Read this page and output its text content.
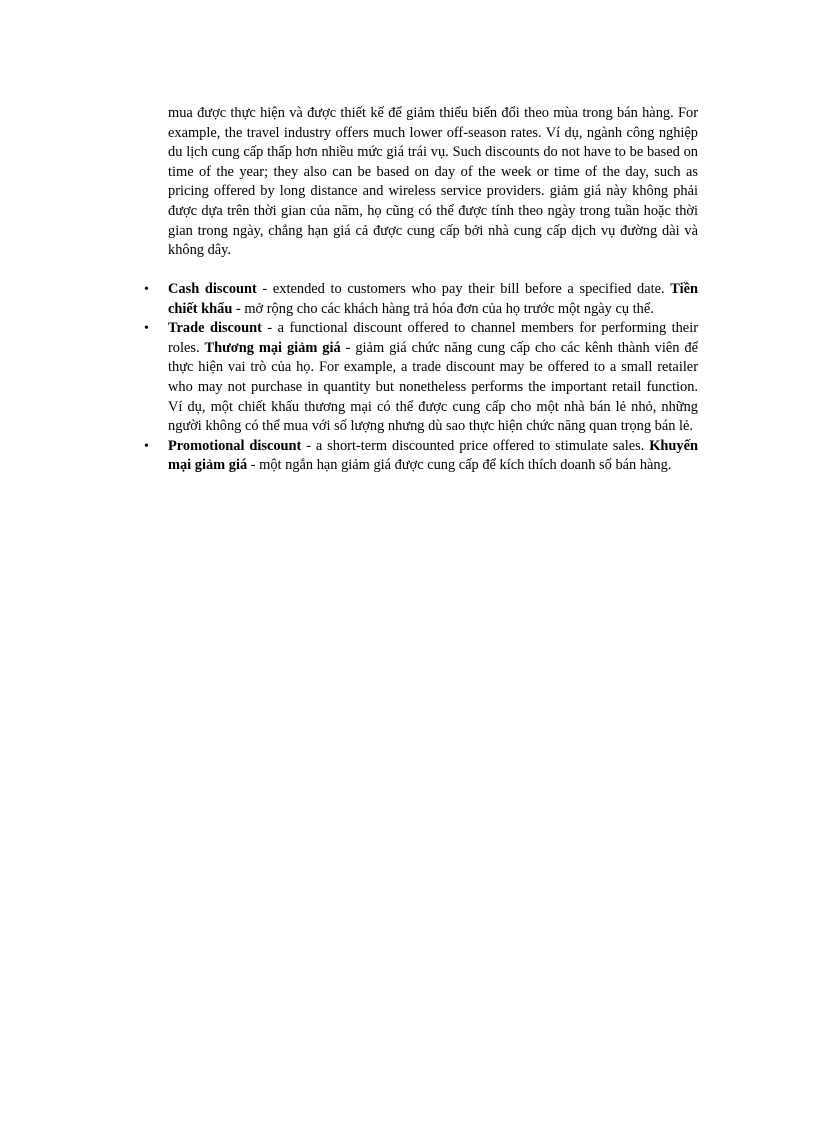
mua được thực hiện và được thiết kế để giảm thiểu biến đổi theo mùa trong bán hàng. For example, the travel industry offers much lower off-season rates. Ví dụ, ngành công nghiệp du lịch cung cấp thấp hơn nhiều mức giá trái vụ. Such discounts do not have to be based on time of the year; they also can be based on day of the week or time of the day, such as pricing offered by long distance and wireless service providers. giảm giá này không phải được dựa trên thời gian của năm, họ cũng có thể được tính theo ngày trong tuần hoặc thời gian trong ngày, chẳng hạn giá cả được cung cấp bởi nhà cung cấp dịch vụ đường dài và không dây.

• Cash discount - extended to customers who pay their bill before a specified date. Tiền chiết khấu - mở rộng cho các khách hàng trả hóa đơn của họ trước một ngày cụ thể.
• Trade discount - a functional discount offered to channel members for performing their roles. Thương mại giảm giá - giảm giá chức năng cung cấp cho các kênh thành viên để thực hiện vai trò của họ. For example, a trade discount may be offered to a small retailer who may not purchase in quantity but nonetheless performs the important retail function. Ví dụ, một chiết khấu thương mại có thể được cung cấp cho một nhà bán lẻ nhỏ, những người không có thể mua với số lượng nhưng dù sao thực hiện chức năng quan trọng bán lẻ.
• Promotional discount - a short-term discounted price offered to stimulate sales. Khuyến mại giảm giá - một ngắn hạn giảm giá được cung cấp để kích thích doanh số bán hàng.
